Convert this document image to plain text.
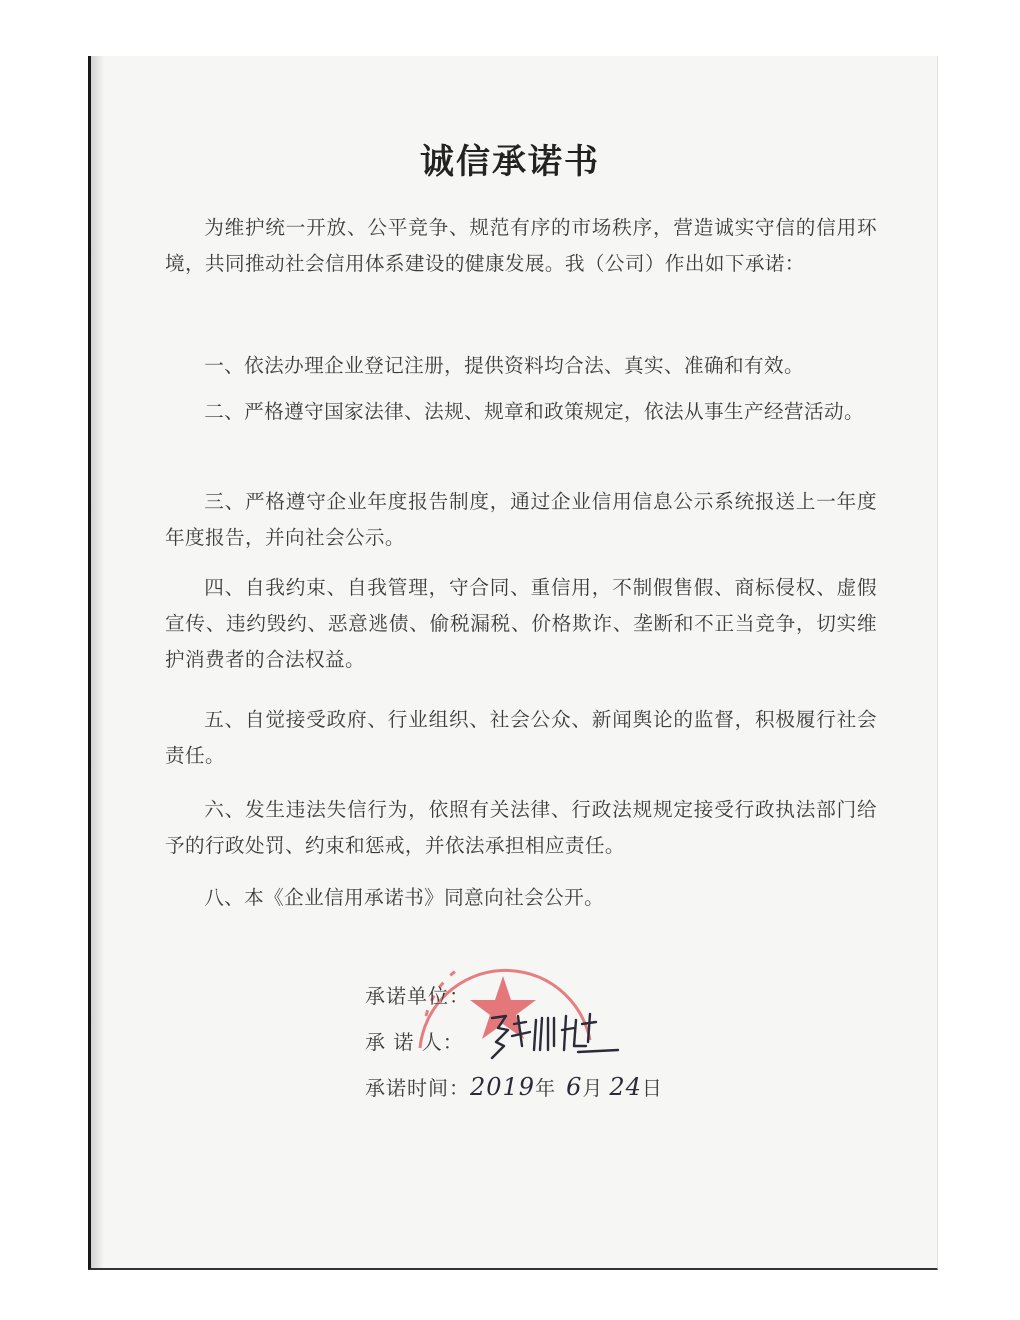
诚信承诺书
为维护统一开放、公平竞争、规范有序的市场秩序，营造诚实守信的信用环境，共同推动社会信用体系建设的健康发展。我（公司）作出如下承诺：
一、依法办理企业登记注册，提供资料均合法、真实、准确和有效。
二、严格遵守国家法律、法规、规章和政策规定，依法从事生产经营活动。
三、严格遵守企业年度报告制度，通过企业信用信息公示系统报送上一年度年度报告，并向社会公示。
四、自我约束、自我管理，守合同、重信用，不制假售假、商标侵权、虚假宣传、违约毁约、恶意逃债、偷税漏税、价格欺诈、垄断和不正当竞争，切实维护消费者的合法权益。
五、自觉接受政府、行业组织、社会公众、新闻舆论的监督，积极履行社会责任。
六、发生违法失信行为，依照有关法律、行政法规规定接受行政执法部门给予的行政处罚、约束和惩戒，并依法承担相应责任。
八、本《企业信用承诺书》同意向社会公开。
承诺单位：
承 诺 人：
承诺时间：2019年 6月 24日
